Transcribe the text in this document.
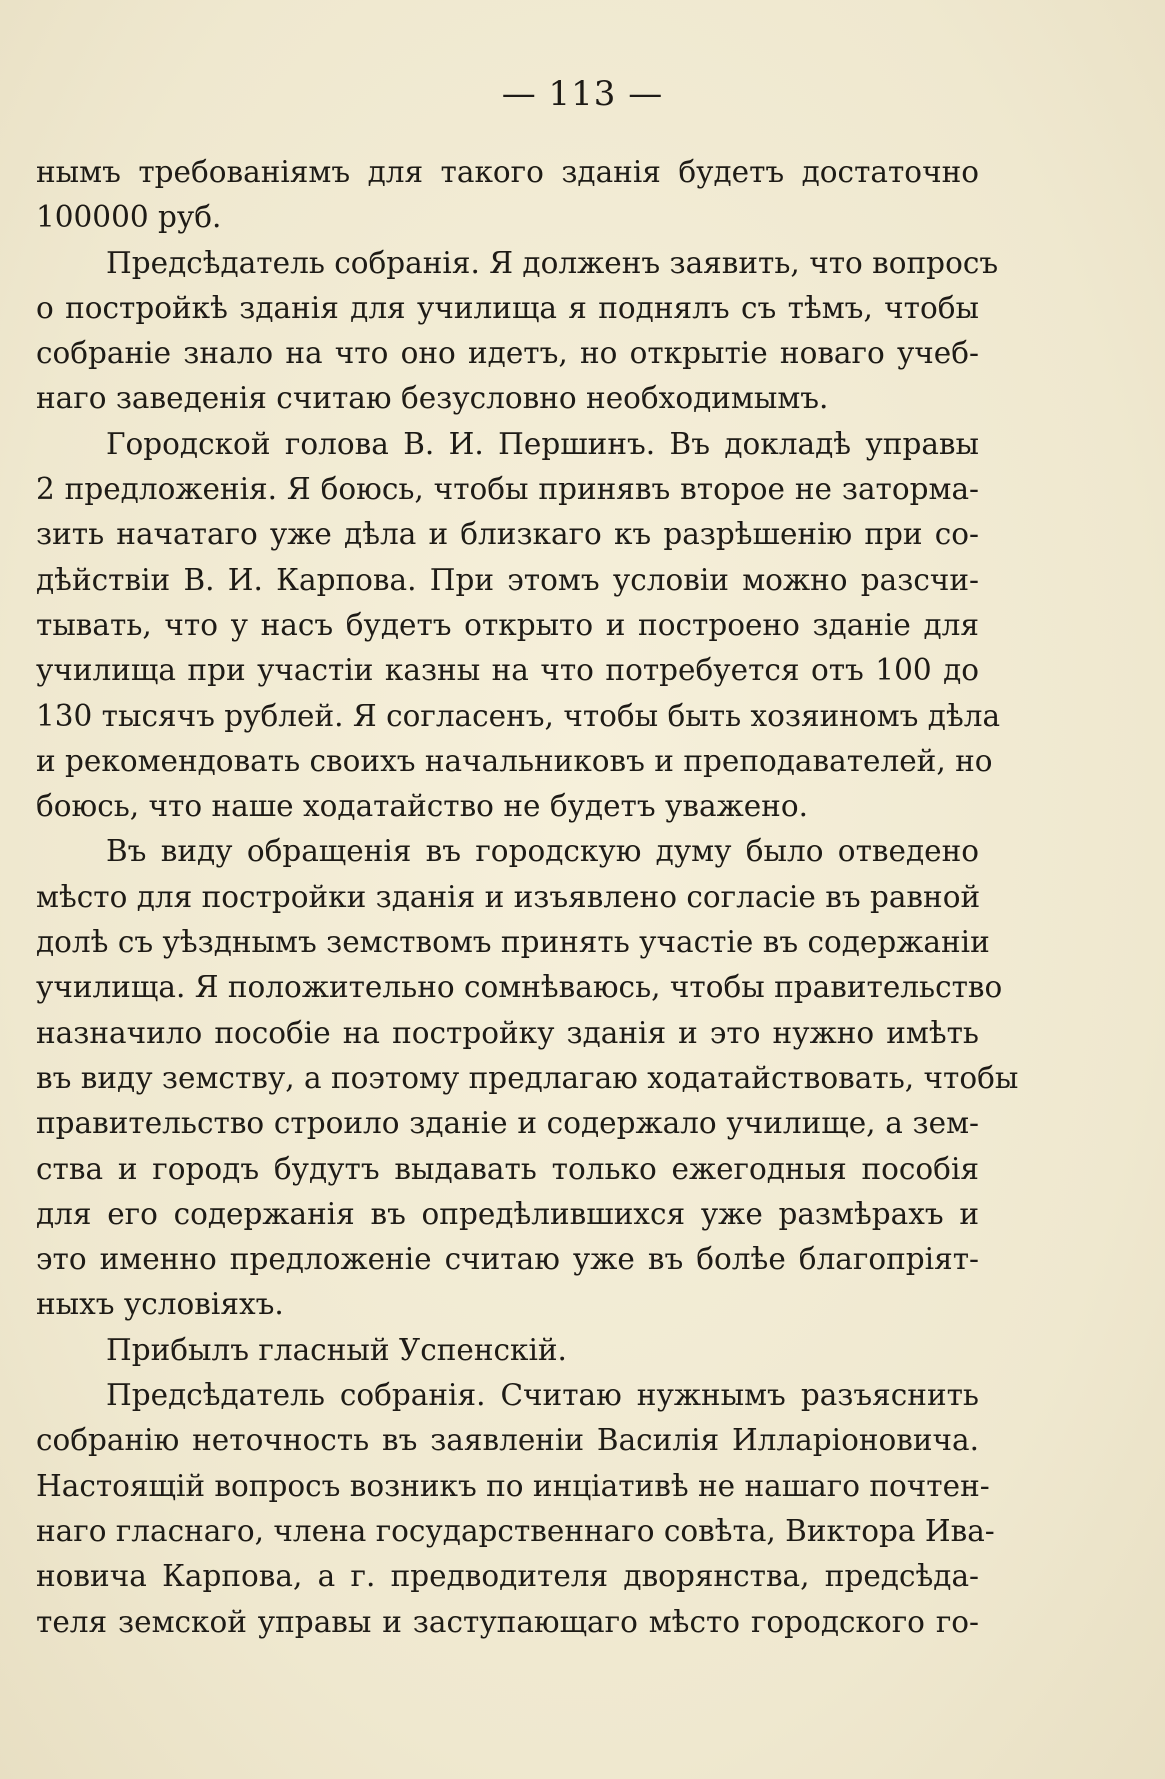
— 113 —
нымъ требованіямъ для такого зданія будетъ достаточно
100000 руб.
Предсѣдатель собранія. Я долженъ заявить, что вопросъ
о постройкѣ зданія для училища я поднялъ съ тѣмъ, чтобы
собраніе знало на что оно идетъ, но открытіе новаго учеб-
наго заведенія считаю безусловно необходимымъ.
Городской голова В. И. Першинъ. Въ докладѣ управы
2 предложенія. Я боюсь, чтобы принявъ второе не заторма-
зить начатаго уже дѣла и близкаго къ разрѣшенію при со-
дѣйствіи В. И. Карпова. При этомъ условіи можно разсчи-
тывать, что у насъ будетъ открыто и построено зданіе для
училища при участіи казны на что потребуется отъ 100 до
130 тысячъ рублей. Я согласенъ, чтобы быть хозяиномъ дѣла
и рекомендовать своихъ начальниковъ и преподавателей, но
боюсь, что наше ходатайство не будетъ уважено.
Въ виду обращенія въ городскую думу было отведено
мѣсто для постройки зданія и изъявлено согласіе въ равной
долѣ съ уѣзднымъ земствомъ принять участіе въ содержаніи
училища. Я положительно сомнѣваюсь, чтобы правительство
назначило пособіе на постройку зданія и это нужно имѣть
въ виду земству, а поэтому предлагаю ходатайствовать, чтобы
правительство строило зданіе и содержало училище, а зем-
ства и городъ будутъ выдавать только ежегодныя пособія
для его содержанія въ опредѣлившихся уже размѣрахъ и
это именно предложеніе считаю уже въ болѣе благопріят-
ныхъ условіяхъ.
Прибылъ гласный Успенскій.
Предсѣдатель собранія. Считаю нужнымъ разъяснить
собранію неточность въ заявленіи Василія Илларіоновича.
Настоящій вопросъ возникъ по инціативѣ не нашаго почтен-
наго гласнаго, члена государственнаго совѣта, Виктора Ива-
новича Карпова, а г. предводителя дворянства, предсѣда-
теля земской управы и заступающаго мѣсто городского го-
